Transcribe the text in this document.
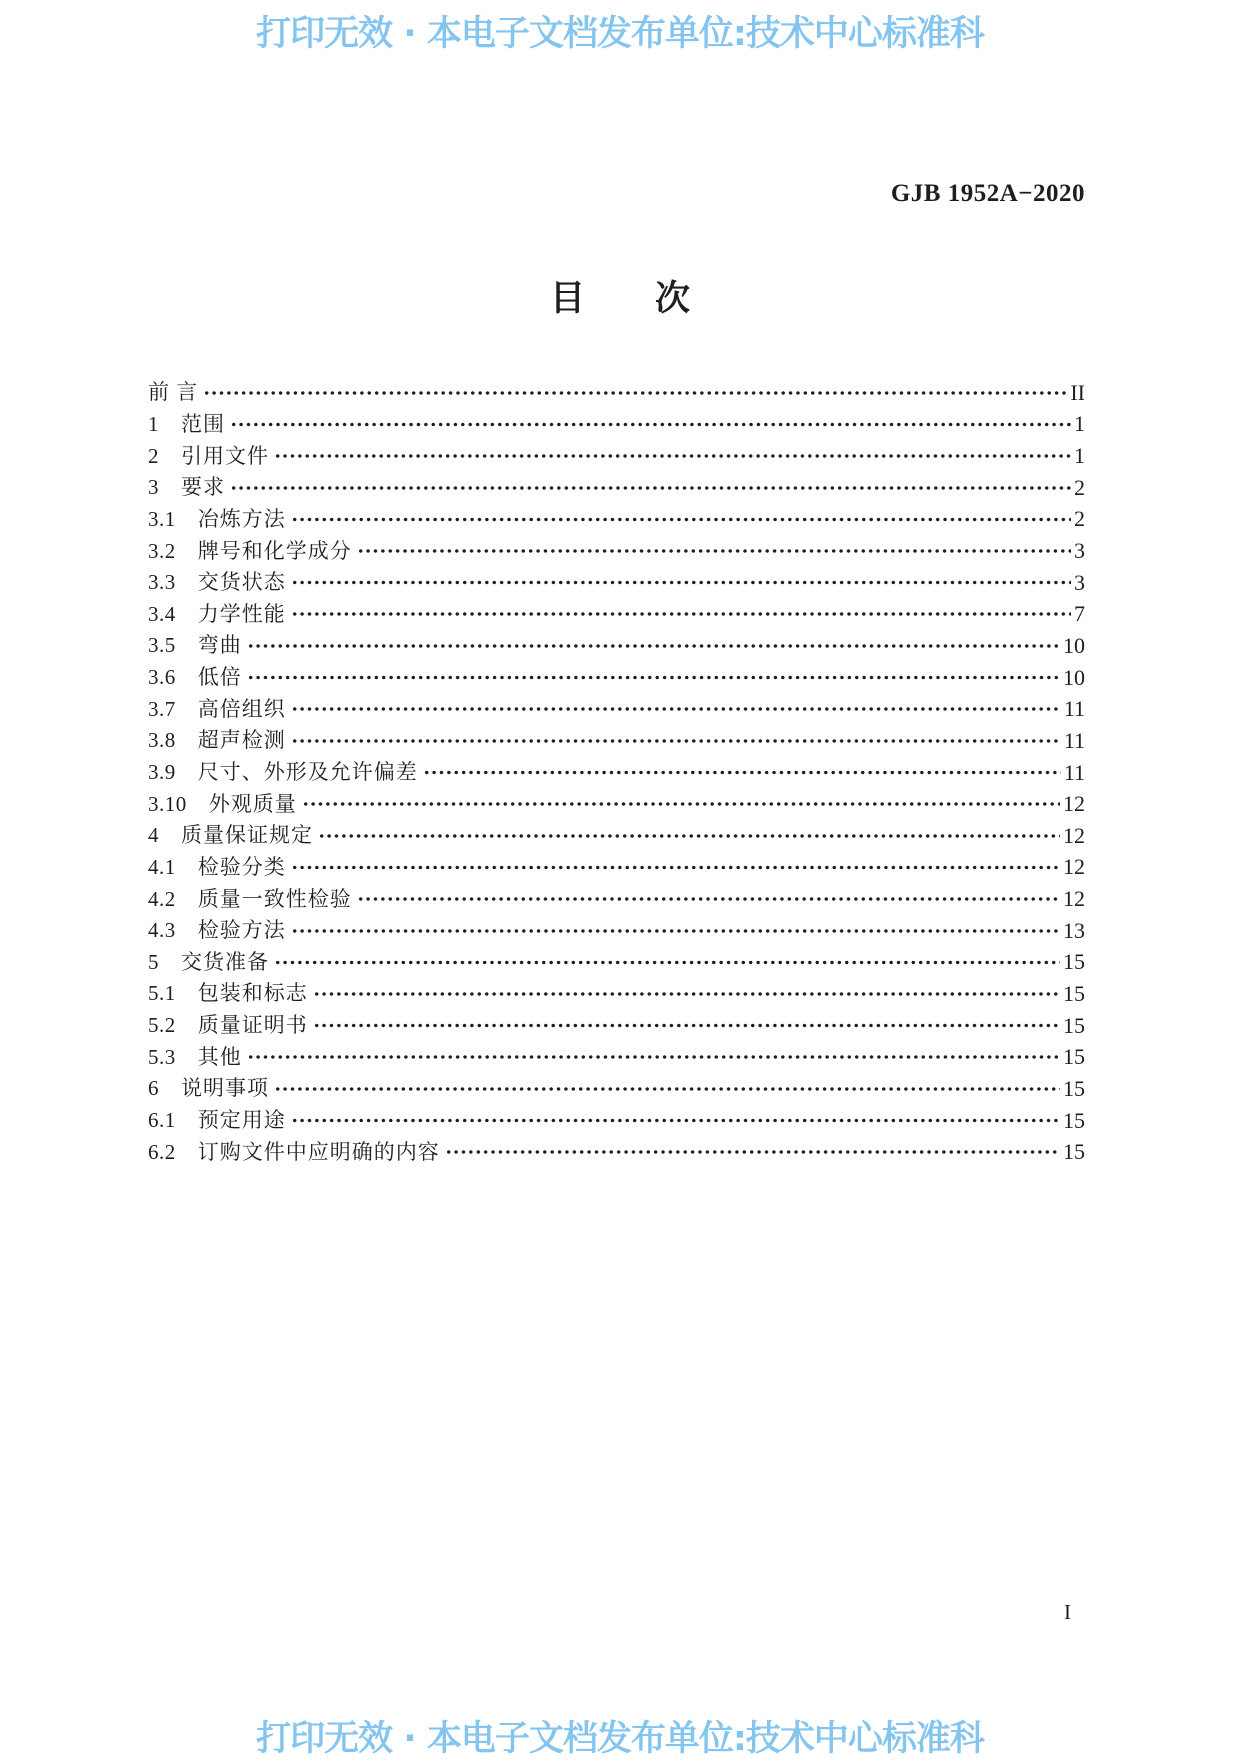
打印无效 · 本电子文档发布单位:技术中心标准科
GJB 1952A−2020
目　　次
前 言	II
1 范围	1
2 引用文件	1
3 要求	2
3.1 冶炼方法	2
3.2 牌号和化学成分	3
3.3 交货状态	3
3.4 力学性能	7
3.5 弯曲	10
3.6 低倍	10
3.7 高倍组织	11
3.8 超声检测	11
3.9 尺寸、外形及允许偏差	11
3.10 外观质量	12
4 质量保证规定	12
4.1 检验分类	12
4.2 质量一致性检验	12
4.3 检验方法	13
5 交货准备	15
5.1 包装和标志	15
5.2 质量证明书	15
5.3 其他	15
6 说明事项	15
6.1 预定用途	15
6.2 订购文件中应明确的内容	15
I
打印无效 · 本电子文档发布单位:技术中心标准科
